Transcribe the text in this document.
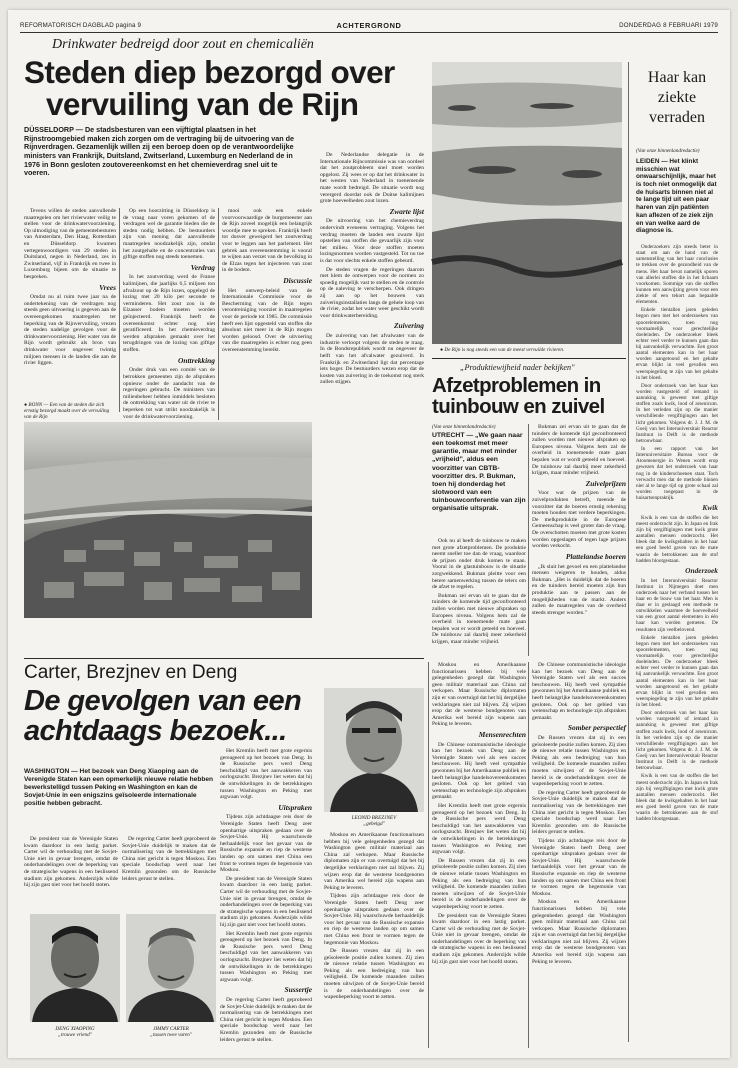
REFORMATORISCH DAGBLAD pagina 9	ACHTERGROND	DONDERDAG 8 FEBRUARI 1979
Drinkwater bedreigd door zout en chemicaliën
Steden diep bezorgd over
vervuiling van de Rijn
DÜSSELDORP — De stadsbesturen van een vijftigtal plaatsen in het Rijnstroomgebied maken zich zorgen om de vertraging bij de uitvoering van de Rijnverdragen. Gezamenlijk willen zij een beroep doen op de verantwoordelijke ministers van Frankrijk, Duitsland, Zwitserland, Luxemburg en Nederland de in 1976 in Bonn gesloten zoutovereenkomst en het chemieverdrag snel uit te voeren.

Tevens willen de steden aanvullende maatregelen om het rivierwater veilig te stellen voor de drinkwatervoorziening. Op uitnodiging van de gemeentebesturen van Amsterdam, Den Haag, Rotterdam en Düsseldorp kwamen vertegenwoordigers van 29 steden in Duitsland, negen in Nederland, zes in Zwitserland, vijf in Frankrijk en twee in Luxemburg bijeen om de situatie te bespreken.

Vrees

Omdat nu al ruim twee jaar na de ondertekening van de verdragen nog steeds geen uitvoering is gegeven aan de overeengekomen maatregelen ter beperking van de Rijnvervuiling, vrezen de steden nadelige gevolgen voor de drinkwatervoorziening. Het water van de Rijn wordt gebruikt als bron van drinkwater voor ongeveer twintig miljoen mensen in de landen die aan de rivier liggen.

● BONN — Een van de steden die zich ernstig bezorgd maakt over de vervuiling van de Rijn

Op een hoorzitting in Düsseldorp is de vraag naar voren gekomen of de verdragen wel de garantie bieden die de steden nodig hebben. De bestuurders zijn van mening dat aanvullende maatregelen noodzakelijk zijn, omdat het zoutgehalte en de concentraties van giftige stoffen nog steeds toenemen.

Verdrag

In het zoutverdrag werd de Franse kalimijnen, die jaarlijks 6,5 miljoen ton afvalzout op de Rijn lozen, opgelegd de lozing met 20 kilo per seconde te verminderen. Het zout zou in de Elzasser bodem moeten worden geïnjecteerd. Frankrijk heeft de overeenkomst echter nog niet geratificeerd. In het chemieverdrag werden afspraken gemaakt over het terugdringen van de lozing van giftige stoffen.

Onttrekking

Onder druk van een comité van de betrokken gemeenten zijn de afspraken opnieuw onder de aandacht van de regeringen gebracht. De ministers van milieubeheer hebben inmiddels besloten de onttrekking van water uit de rivier te beperken tot wat strikt noodzakelijk is voor de drinkwatervoorziening.

mooi ook een enkele voorvoorwaardige de burgemeester aan de Rijn zoveel mogelijk een belangrijk woordje mee te spreken. Frankrijk heeft tot dusver geweigerd het zoutverdrag voor te leggen aan het parlement. Het gebrek aan overeenstemming is vooral te wijten aan verzet van de bevolking in de Elzas tegen het injecteren van zout in de bodem.

Discussie

Het ontwerp-beleid van de Internationale Commissie voor de Bescherming van de Rijn tegen verontreiniging voorziet in maatregelen voor de periode tot 1985. De commissie heeft een lijst opgesteld van stoffen die absoluut niet meer in de Rijn mogen worden geloosd. Over de uitvoering van die maatregelen is echter nog geen overeenstemming bereikt.

De Nederlandse delegatie in de Internationale Rijncommissie was van oordeel dat het zoutprobleem snel moet worden opgelost. Zij wees er op dat het drinkwater in het westen van Nederland in toenemende mate wordt bedreigd. De situatie wordt nog verergerd doordat ook de Duitse kalimijnen grote hoeveelheden zout lozen.

Zwarte lijst

De uitvoering van het chemieverdrag ondervindt eveneens vertraging. Volgens het verdrag moeten de landen een zwarte lijst opstellen van stoffen die gevaarlijk zijn voor het milieu. Voor deze stoffen moeten lozingsnormen worden vastgesteld. Tot nu toe is dat voor slechts enkele stoffen gebeurd.

De steden vragen de regeringen daarom met klem de ontwerpen voor de normen zo spoedig mogelijk vast te stellen en de controle op de naleving te verscherpen. Ook dringen zij aan op het bouwen van zuiveringsinstallaties langs de gehele loop van de rivier, zodat het water weer geschikt wordt voor drinkwaterbereiding.

Zuivering

De zuivering van het afvalwater van de industrie verloopt volgens de steden te traag. In de Bondsrepubliek wordt nu ongeveer de helft van het afvalwater gezuiverd. In Frankrijk en Zwitserland ligt dat percentage iets hoger. De bestuurders wezen erop dat de kosten van zuivering in de toekomst nog sterk zullen stijgen.

● De Rijn is nog steeds een van de meest vervuilde rivieren.
Haar kan ziekte verraden
(Van onze binnenlandredactie)
LEIDEN — Het klinkt misschien wat onwaarschijnlijk, maar het is toch niet onmogelijk dat de huisarts binnen niet al te lange tijd uit een paar haren van zijn patiënten kan aflezen of ze ziek zijn en van welke aard de diagnose is.

Onderzoekers zijn steeds beter in staat om aan de hand van de samenstelling van het haar conclusies te trekken over de gezondheid van de mens. Het haar bevat namelijk sporen van allerlei stoffen die in het lichaam voorkomen. Sommige van die stoffen kunnen een aanwijzing geven voor een ziekte of een tekort aan bepaalde elementen.

Enkele tientallen jaren geleden begon men met het onderzoeken van spoorelementen, toen nog voornamelijk voor gerechtelijke doeleinden. De onderzoeker bleek echter veel verder te kunnen gaan dan hij aanvankelijk verwachtte. Een groot aantal elementen kan in het haar worden aangetoond en het gehalte ervan blijkt in veel gevallen een weerspiegeling te zijn van het gehalte in het bloed.

Door onderzoek van het haar kan worden vastgesteld of iemand in aanraking is geweest met giftige stoffen zoals kwik, lood of arsenicum. In het verleden zijn op die manier verschillende vergiftigingen aan het licht gekomen. Volgens dr. J. J. M. de Goeij van het Interuniversitair Reactor Instituut in Delft is de methode betrouwbaar.

In een rapport van het Interuniversitaire Bureau voor de Atoomenergie in Wenen wordt erop gewezen dat het onderzoek van haar nog in de kinderschoenen staat. Toch verwacht men dat de methode binnen niet al te lange tijd op grote schaal zal worden toegepast in de huisartsenpraktijk.

Kwik

Kwik is een van de stoffen die het meest onderzocht zijn. In Japan en Irak zijn bij vergiftigingen met kwik grote aantallen mensen onderzocht. Het bleek dat de kwikgehalten in het haar een goed beeld gaven van de mate waarin de betrokkenen aan de stof hadden blootgestaan.

Onderzoek

In het Interuniversitair Reactor Instituut in Nijmegen doet men onderzoek naar het verband tussen het haar en de bouw van het haar. Men is daar er in geslaagd een methode te ontwikkelen waarmee de hoeveelheid van een groot aantal elementen in één haar kan worden gemeten. De resultaten zijn veelbelovend.

Enkele tientallen jaren geleden begon men met het onderzoeken van spoorelementen, toen nog voornamelijk voor gerechtelijke doeleinden. De onderzoeker bleek echter veel verder te kunnen gaan dan hij aanvankelijk verwachtte. Een groot aantal elementen kan in het haar worden aangetoond en het gehalte ervan blijkt in veel gevallen een weerspiegeling te zijn van het gehalte in het bloed.

Door onderzoek van het haar kan worden vastgesteld of iemand in aanraking is geweest met giftige stoffen zoals kwik, lood of arsenicum. In het verleden zijn op die manier verschillende vergiftigingen aan het licht gekomen. Volgens dr. J. J. M. de Goeij van het Interuniversitair Reactor Instituut in Delft is de methode betrouwbaar.

Kwik is een van de stoffen die het meest onderzocht zijn. In Japan en Irak zijn bij vergiftigingen met kwik grote aantallen mensen onderzocht. Het bleek dat de kwikgehalten in het haar een goed beeld gaven van de mate waarin de betrokkenen aan de stof hadden blootgestaan.

„Produktiewijheid nader bekijken"
Afzetproblemen in
tuinbouw en zuivel
(Van onze binnenlandredactie)
UTRECHT — „We gaan naar een toekomst met meer garantie, maar met minder „vrijheid", aldus een voorzitter van CBTB-voorzitter drs. P. Bukman, toen hij donderdag het slotwoord van een tuinbouwconferentie van zijn organisatie uitsprak.

Ook nu al heeft de tuinbouw te maken met grote afzetproblemen. De produktie neemt sneller toe dan de vraag, waardoor de prijzen onder druk komen te staan. Vooral in de glastuinbouw is de situatie zorgwekkend. Bukman pleitte voor een betere samenwerking tussen de telers om de afzet te regelen.

Bukman zei ervan uit te gaan dat de tuinders de komende tijd geconfronteerd zullen worden met nieuwe afspraken op Europees niveau. Volgens hem zal de overheid in toenemende mate gaan bepalen wat er wordt geteeld en hoeveel. De tuinbouw zal daarbij meer zekerheid krijgen, maar minder vrijheid.

Bukman zei ervan uit te gaan dat de tuinders de komende tijd geconfronteerd zullen worden met nieuwe afspraken op Europees niveau. Volgens hem zal de overheid in toenemende mate gaan bepalen wat er wordt geteeld en hoeveel. De tuinbouw zal daarbij meer zekerheid krijgen, maar minder vrijheid.

Zuivelprijzen

Voor wat de prijzen van de zuivelprodukten betreft, meende de voorzitter dat de boeren ernstig rekening moeten houden met verdere beperkingen. De melkproduktie in de Europese Gemeenschap is veel groter dan de vraag. De overschotten moeten met grote kosten worden opgeslagen of tegen lage prijzen worden verkocht.

Plattelandse boeren

„Ik sluit het gevoel en een plattelandse mensen weigeren te houden, aldus Bukman. „Het is duidelijk dat de boeren en de tuinders bereid moeten zijn hun produktie aan te passen aan de mogelijkheden van de markt. Anders zullen de maatregelen van de overheid steeds strenger worden."

Carter, Brezjnev en Deng
De gevolgen van een
achtdaags bezoek...
WASHINGTON — Het bezoek van Deng Xiaoping aan de Verenigde Staten kan een opmerkelijk nieuwe relatie hebben bewerkstelligd tussen Peking en Washington en kan de Sovjet-Unie in een enigszins geïsoleerde internationale positie hebben gebracht.

De president van de Verenigde Staten kwam daardoor in een lastig parket. Carter wil de verhouding met de Sovjet-Unie niet in gevaar brengen, omdat de onderhandelingen over de beperking van de strategische wapens in een beslissend stadium zijn gekomen. Anderzijds wilde hij zijn gast niet voor het hoofd stoten.

De regering Carter heeft geprobeerd de Sovjet-Unie duidelijk te maken dat de normalisering van de betrekkingen met China niet gericht is tegen Moskou. Een speciale boodschap werd naar het Kremlin gezonden om de Russische leiders gerust te stellen.

Het Kremlin heeft met grote ergernis gereageerd op het bezoek van Deng. In de Russische pers werd Deng beschuldigd van het aanwakkeren van oorlogszucht. Brezjnev liet weten dat hij de ontwikkelingen in de betrekkingen tussen Washington en Peking met argwaan volgt.

Uitspraken

Tijdens zijn achtdaagse reis door de Verenigde Staten heeft Deng zeer openhartige uitspraken gedaan over de Sovjet-Unie. Hij waarschuwde herhaaldelijk voor het gevaar van de Russische expansie en riep de westerse landen op om samen met China een front te vormen tegen de hegemonie van Moskou.

De president van de Verenigde Staten kwam daardoor in een lastig parket. Carter wil de verhouding met de Sovjet-Unie niet in gevaar brengen, omdat de onderhandelingen over de beperking van de strategische wapens in een beslissend stadium zijn gekomen. Anderzijds wilde hij zijn gast niet voor het hoofd stoten.

Het Kremlin heeft met grote ergernis gereageerd op het bezoek van Deng. In de Russische pers werd Deng beschuldigd van het aanwakkeren van oorlogszucht. Brezjnev liet weten dat hij de ontwikkelingen in de betrekkingen tussen Washington en Peking met argwaan volgt.

Sussertje

De regering Carter heeft geprobeerd de Sovjet-Unie duidelijk te maken dat de normalisering van de betrekkingen met China niet gericht is tegen Moskou. Een speciale boodschap werd naar het Kremlin gezonden om de Russische leiders gerust te stellen.

LEONID BREZJNEV
„gebelgd"

Moskou en Amerikaanse functionarissen hebben bij vele gelegenheden gezegd dat Washington geen militair materiaal aan China zal verkopen. Maar Russische diplomaten zijn er van overtuigd dat het bij dergelijke verklaringen niet zal blijven. Zij wijzen erop dat de westerse bondgenoten van Amerika wel bereid zijn wapens aan Peking te leveren.

Tijdens zijn achtdaagse reis door de Verenigde Staten heeft Deng zeer openhartige uitspraken gedaan over de Sovjet-Unie. Hij waarschuwde herhaaldelijk voor het gevaar van de Russische expansie en riep de westerse landen op om samen met China een front te vormen tegen de hegemonie van Moskou.

De Russen vrezen dat zij in een geïsoleerde positie zullen komen. Zij zien de nieuwe relatie tussen Washington en Peking als een bedreiging van hun veiligheid. De komende maanden zullen moeten uitwijzen of de Sovjet-Unie bereid is de onderhandelingen over de wapenbeperking voort te zetten.

Moskou en Amerikaanse functionarissen hebben bij vele gelegenheden gezegd dat Washington geen militair materiaal aan China zal verkopen. Maar Russische diplomaten zijn er van overtuigd dat het bij dergelijke verklaringen niet zal blijven. Zij wijzen erop dat de westerse bondgenoten van Amerika wel bereid zijn wapens aan Peking te leveren.

Mensenrechten

De Chinese communistische ideologie kan het bezoek van Deng aan de Verenigde Staten wel als een succes beschouwen. Hij heeft veel sympathie gewonnen bij het Amerikaanse publiek en heeft belangrijke handelsovereenkomsten gesloten. Ook op het gebied van wetenschap en technologie zijn afspraken gemaakt.

Het Kremlin heeft met grote ergernis gereageerd op het bezoek van Deng. In de Russische pers werd Deng beschuldigd van het aanwakkeren van oorlogszucht. Brezjnev liet weten dat hij de ontwikkelingen in de betrekkingen tussen Washington en Peking met argwaan volgt.

De Russen vrezen dat zij in een geïsoleerde positie zullen komen. Zij zien de nieuwe relatie tussen Washington en Peking als een bedreiging van hun veiligheid. De komende maanden zullen moeten uitwijzen of de Sovjet-Unie bereid is de onderhandelingen over de wapenbeperking voort te zetten.

De president van de Verenigde Staten kwam daardoor in een lastig parket. Carter wil de verhouding met de Sovjet-Unie niet in gevaar brengen, omdat de onderhandelingen over de beperking van de strategische wapens in een beslissend stadium zijn gekomen. Anderzijds wilde hij zijn gast niet voor het hoofd stoten.

De Chinese communistische ideologie kan het bezoek van Deng aan de Verenigde Staten wel als een succes beschouwen. Hij heeft veel sympathie gewonnen bij het Amerikaanse publiek en heeft belangrijke handelsovereenkomsten gesloten. Ook op het gebied van wetenschap en technologie zijn afspraken gemaakt.

Somber perspectief

De Russen vrezen dat zij in een geïsoleerde positie zullen komen. Zij zien de nieuwe relatie tussen Washington en Peking als een bedreiging van hun veiligheid. De komende maanden zullen moeten uitwijzen of de Sovjet-Unie bereid is de onderhandelingen over de wapenbeperking voort te zetten.

De regering Carter heeft geprobeerd de Sovjet-Unie duidelijk te maken dat de normalisering van de betrekkingen met China niet gericht is tegen Moskou. Een speciale boodschap werd naar het Kremlin gezonden om de Russische leiders gerust te stellen.

Tijdens zijn achtdaagse reis door de Verenigde Staten heeft Deng zeer openhartige uitspraken gedaan over de Sovjet-Unie. Hij waarschuwde herhaaldelijk voor het gevaar van de Russische expansie en riep de westerse landen op om samen met China een front te vormen tegen de hegemonie van Moskou.

Moskou en Amerikaanse functionarissen hebben bij vele gelegenheden gezegd dat Washington geen militair materiaal aan China zal verkopen. Maar Russische diplomaten zijn er van overtuigd dat het bij dergelijke verklaringen niet zal blijven. Zij wijzen erop dat de westerse bondgenoten van Amerika wel bereid zijn wapens aan Peking te leveren.

DENG XIAOPING
„trouwe vriend"
JIMMY CARTER
„tussen twee vuren"
